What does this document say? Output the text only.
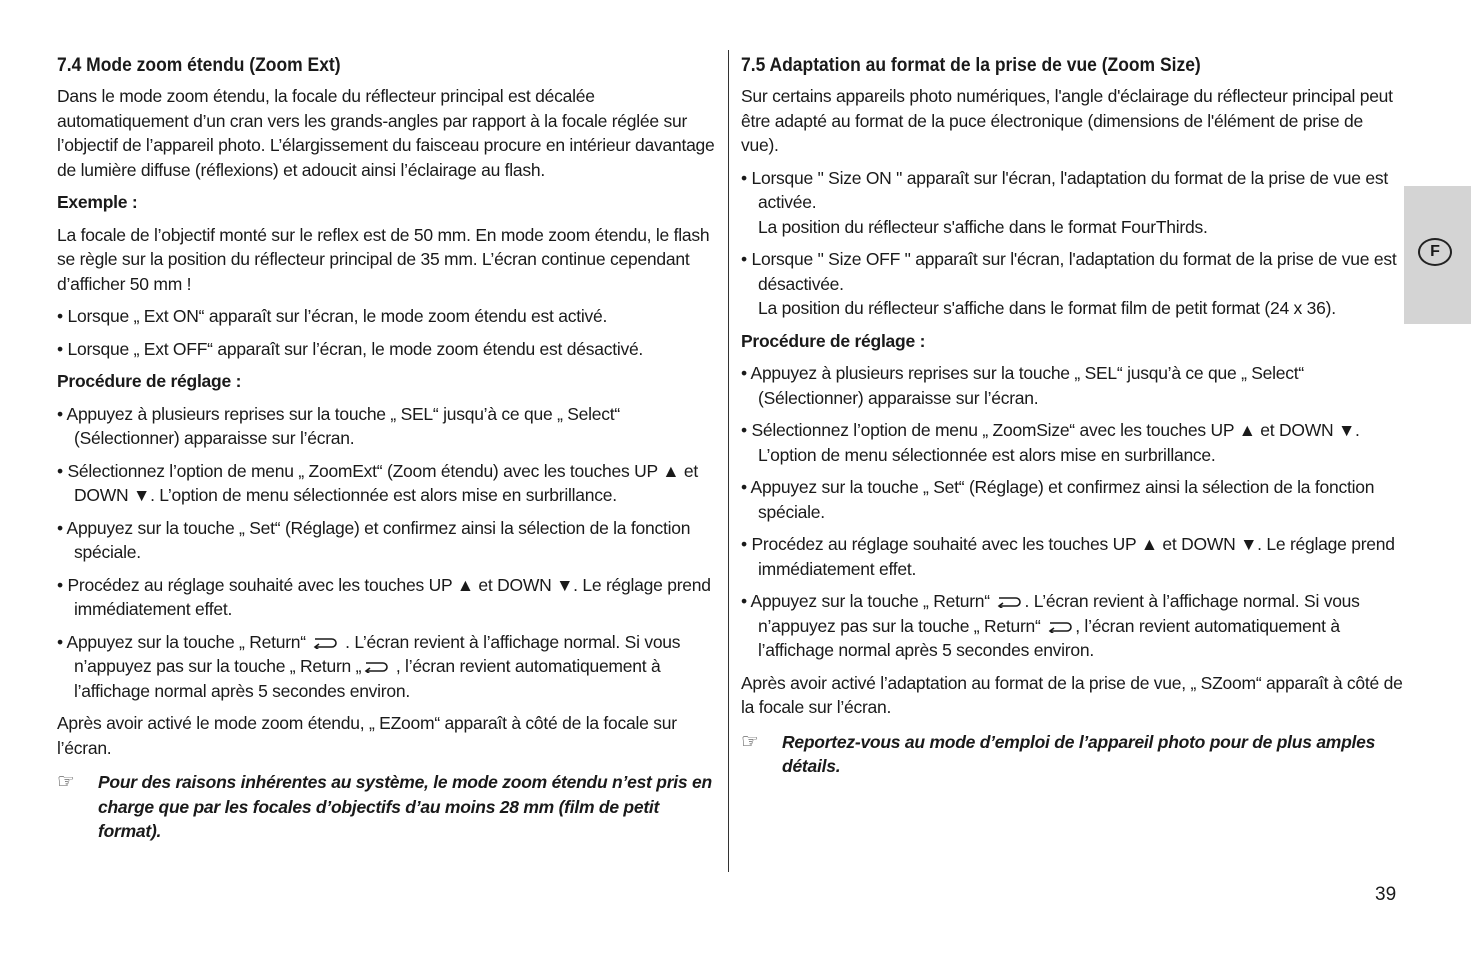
F
7.4 Mode zoom étendu (Zoom Ext)

Dans le mode zoom étendu, la focale du réflecteur principal est décalée automatiquement d’un cran vers les grands-angles par rapport à la focale réglée sur l’objectif de l’appareil photo. L’élargissement du faisceau procure en intérieur davantage de lumière diffuse (réflexions) et adoucit ainsi l’éclairage au flash.

Exemple :

La focale de l’objectif monté sur le reflex est de 50 mm. En mode zoom étendu, le flash se règle sur la position du réflecteur principal de 35 mm. L’écran continue cependant d’afficher 50 mm !

• Lorsque „ Ext ON“ apparaît sur l’écran, le mode zoom étendu est activé.

• Lorsque „ Ext OFF“ apparaît sur l’écran, le mode zoom étendu est désactivé.

Procédure de réglage :

• Appuyez à plusieurs reprises sur la touche „ SEL“ jusqu’à ce que „ Select“ (Sélectionner) apparaisse sur l’écran.

• Sélectionnez l’option de menu „ ZoomExt“ (Zoom étendu) avec les touches UP ▲ et DOWN ▼. L’option de menu sélectionnée est alors mise en surbrillance.

• Appuyez sur la touche „ Set“ (Réglage) et confirmez ainsi la sélection de la fonction spéciale.

• Procédez au réglage souhaité avec les touches UP ▲ et DOWN ▼. Le réglage prend immédiatement effet.

• Appuyez sur la touche „ Return“ . L’écran revient à l’affichage normal. Si vous n’appuyez pas sur la touche „ Return „ , l’écran revient automatiquement à l’affichage normal après 5 secondes environ.

Après avoir activé le mode zoom étendu, „ EZoom“ apparaît à côté de la focale sur l’écran.

☞ Pour des raisons inhérentes au système, le mode zoom étendu n’est pris en charge que par les focales d’objectifs d’au moins 28 mm (film de petit format).

7.5 Adaptation au format de la prise de vue (Zoom Size)

Sur certains appareils photo numériques, l'angle d'éclairage du réflecteur principal peut être adapté au format de la puce électronique (dimensions de l'élément de prise de vue).

• Lorsque " Size ON " apparaît sur l'écran, l'adaptation du format de la prise de vue est activée.
La position du réflecteur s'affiche dans le format FourThirds.

• Lorsque " Size OFF " apparaît sur l'écran, l'adaptation du format de la prise de vue est désactivée.
La position du réflecteur s'affiche dans le format film de petit format (24 x 36).

Procédure de réglage :

• Appuyez à plusieurs reprises sur la touche „ SEL“ jusqu’à ce que „ Select“ (Sélectionner) apparaisse sur l’écran.

• Sélectionnez l’option de menu „ ZoomSize“ avec les touches UP ▲ et DOWN ▼. L’option de menu sélectionnée est alors mise en surbrillance.

• Appuyez sur la touche „ Set“ (Réglage) et confirmez ainsi la sélection de la fonction spéciale.

• Procédez au réglage souhaité avec les touches UP ▲ et DOWN ▼. Le réglage prend immédiatement effet.

• Appuyez sur la touche „ Return“ . L’écran revient à l’affichage normal. Si vous n’appuyez pas sur la touche „ Return“ , l’écran revient automatiquement à l’affichage normal après 5 secondes environ.

Après avoir activé l’adaptation au format de la prise de vue, „ SZoom“ apparaît à côté de la focale sur l’écran.

☞ Reportez-vous au mode d’emploi de l’appareil photo pour de plus amples détails.

39
